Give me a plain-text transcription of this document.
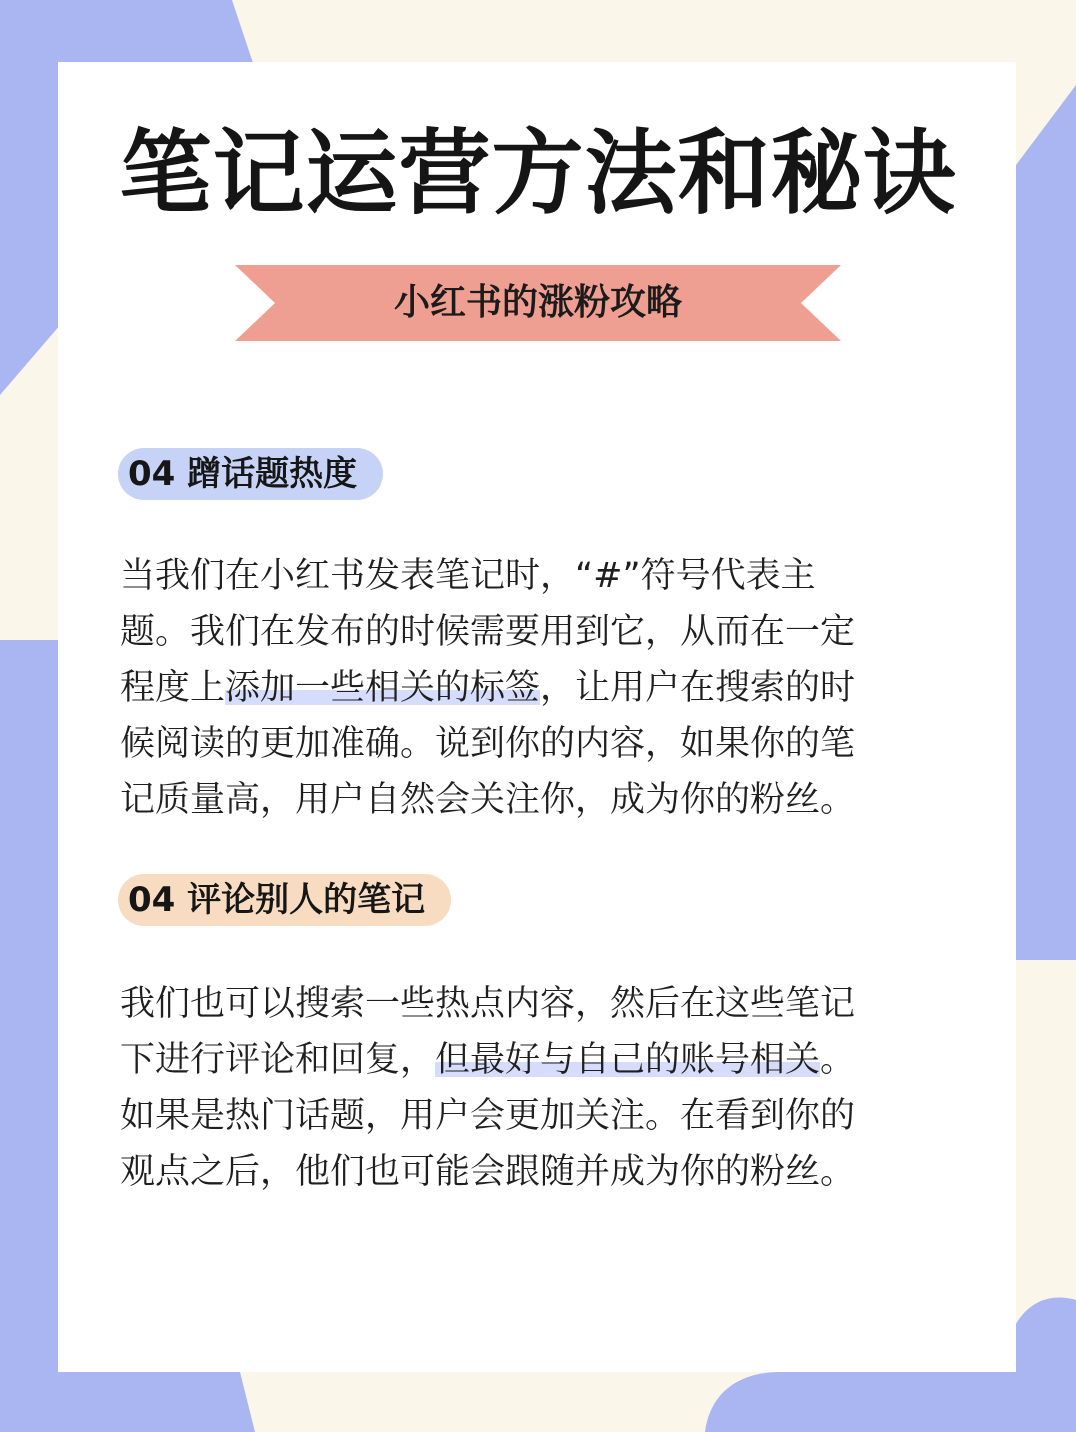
笔记运营方法和秘诀
小红书的涨粉攻略
04 蹭话题热度
当我们在小红书发表笔记时，“#”符号代表主
题。我们在发布的时候需要用到它，从而在一定
程度上添加一些相关的标签，让用户在搜索的时
候阅读的更加准确。说到你的内容，如果你的笔
记质量高，用户自然会关注你，成为你的粉丝。
04 评论别人的笔记
我们也可以搜索一些热点内容，然后在这些笔记
下进行评论和回复，但最好与自己的账号相关。
如果是热门话题，用户会更加关注。在看到你的
观点之后，他们也可能会跟随并成为你的粉丝。
